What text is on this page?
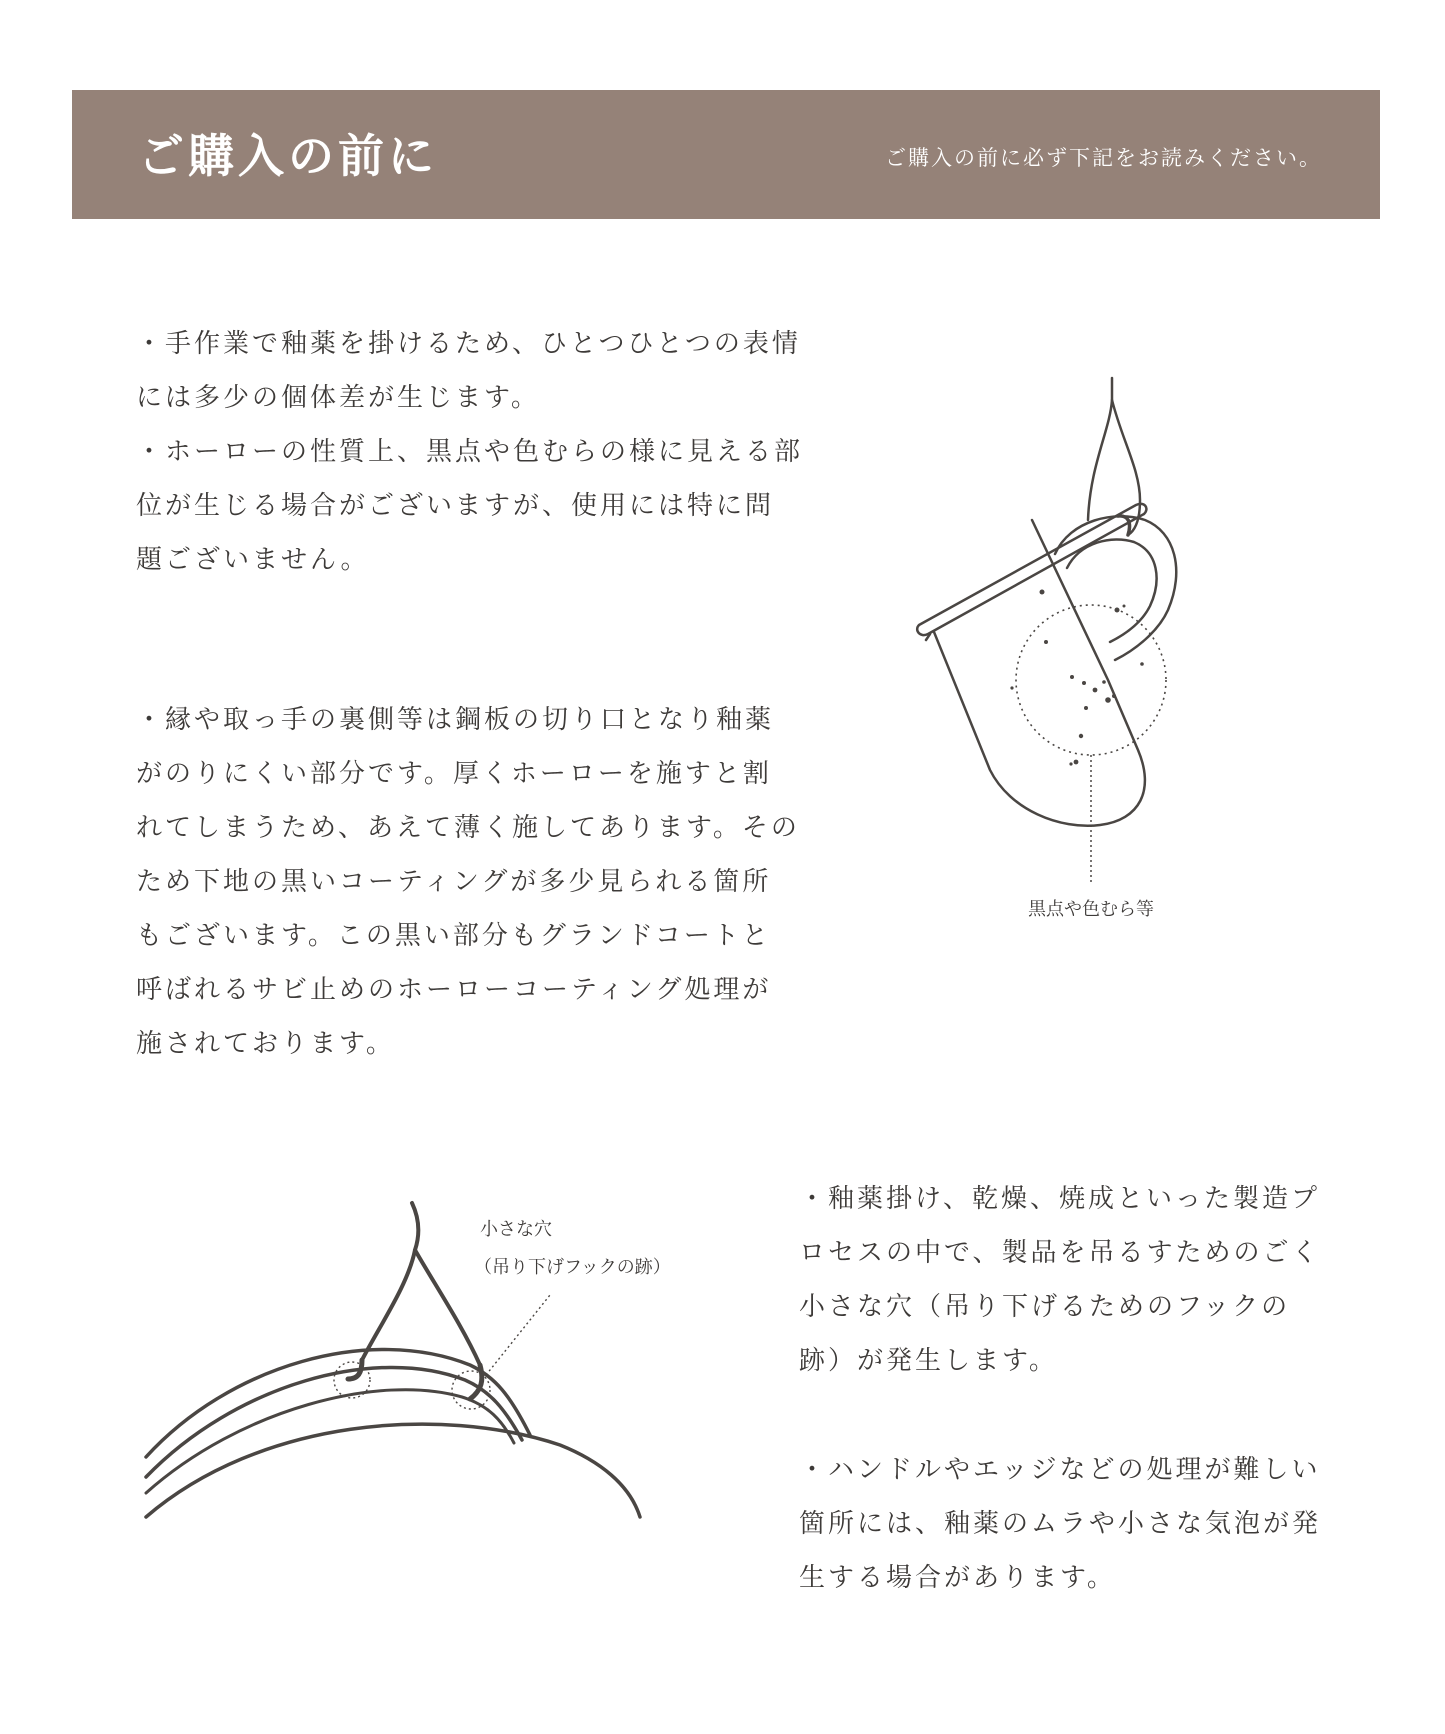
ご購入の前に	ご購入の前に必ず下記をお読みください。
・手作業で釉薬を掛けるため、ひとつひとつの表情
には多少の個体差が生じます。
・ホーローの性質上、黒点や色むらの様に見える部
位が生じる場合がございますが、使用には特に問
題ございません。
・縁や取っ手の裏側等は鋼板の切り口となり釉薬
がのりにくい部分です。厚くホーローを施すと割
れてしまうため、あえて薄く施してあります。その
ため下地の黒いコーティングが多少見られる箇所
もございます。この黒い部分もグランドコートと
呼ばれるサビ止めのホーローコーティング処理が
施されております。
・釉薬掛け、乾燥、焼成といった製造プ
ロセスの中で、製品を吊るすためのごく
小さな穴（吊り下げるためのフックの
跡）が発生します。
・ハンドルやエッジなどの処理が難しい
箇所には、釉薬のムラや小さな気泡が発
生する場合があります。
黒点や色むら等
小さな穴
（吊り下げフックの跡）
